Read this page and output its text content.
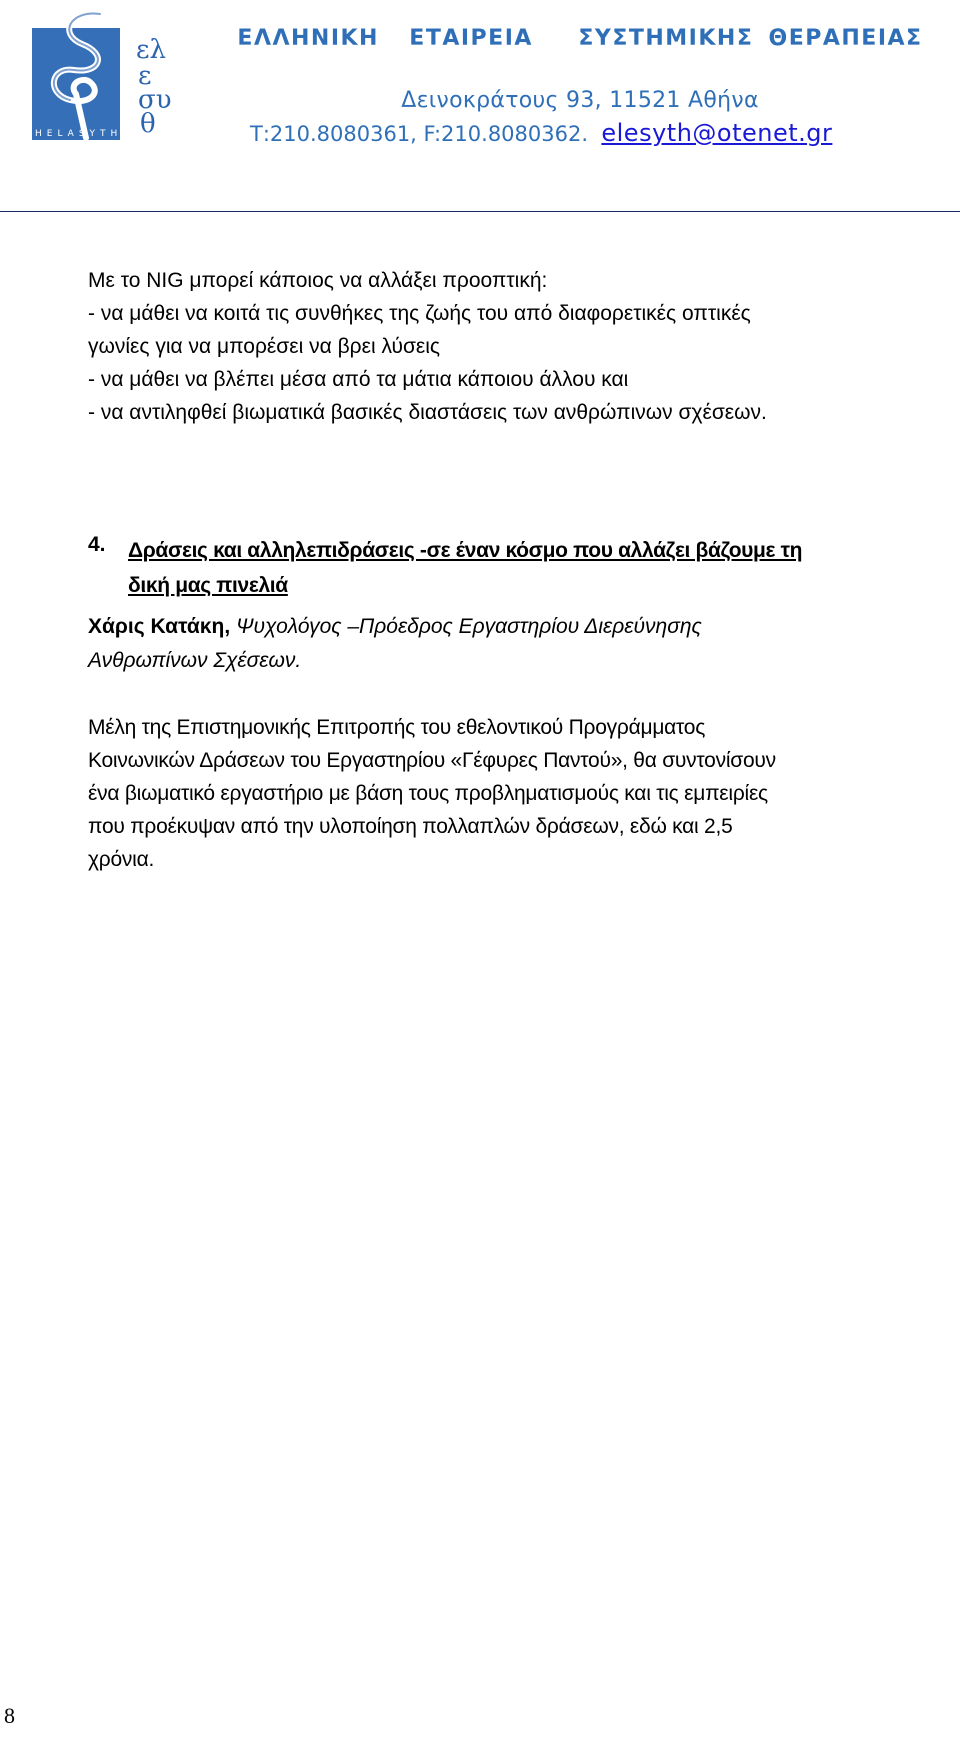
HELASYTH
ελ
ε
συ
θ
ΕΛΛΗΝΙΚΗ  ΕΤΑΙΡΕΙΑ   ΣΥΣΤΗΜΙΚΗΣ ΘΕΡΑΠΕΙΑΣ
Δεινοκράτους 93, 11521 Αθήνα
Τ:210.8080361, F:210.8080362.  elesyth@otenet.gr
Με το NIG μπορεί κάποιος να αλλάξει προοπτική:
- να μάθει να κοιτά τις συνθήκες της ζωής του από διαφορετικές οπτικές
γωνίες για να μπορέσει να βρει λύσεις
- να μάθει να βλέπει μέσα από τα μάτια κάποιου άλλου και
- να αντιληφθεί βιωματικά βασικές διαστάσεις των ανθρώπινων σχέσεων.
4. Δράσεις και αλληλεπιδράσεις -σε έναν κόσμο που αλλάζει βάζουμε τη
δική μας πινελιά
Χάρις Κατάκη, Ψυχολόγος –Πρόεδρος Εργαστηρίου Διερεύνησης
Ανθρωπίνων Σχέσεων.
Μέλη της Επιστημονικής Επιτροπής του εθελοντικού Προγράμματος
Κοινωνικών Δράσεων του Εργαστηρίου «Γέφυρες Παντού», θα συντονίσουν
ένα βιωματικό εργαστήριο με βάση τους προβληματισμούς και τις εμπειρίες
που προέκυψαν από την υλοποίηση πολλαπλών δράσεων, εδώ και 2,5
χρόνια.
8
